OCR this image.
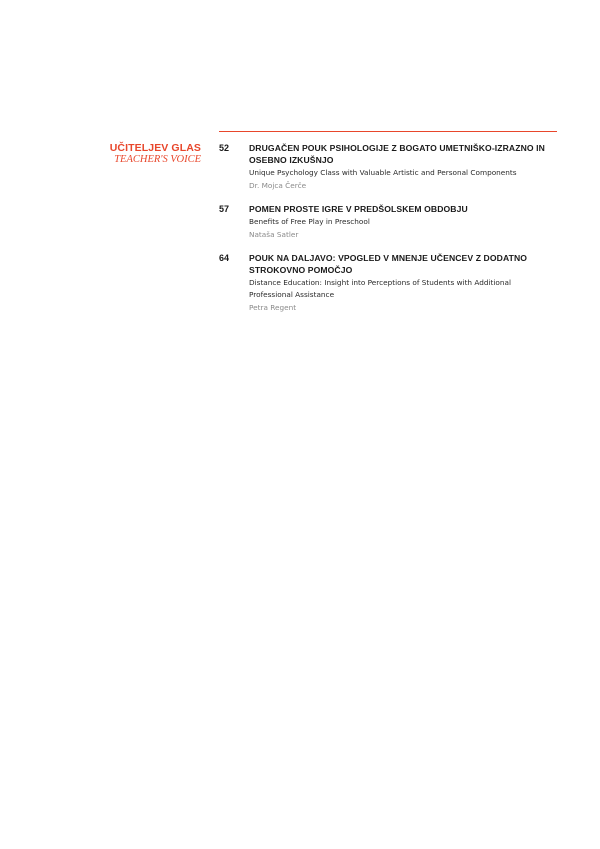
UČITELJEV GLAS
TEACHER'S VOICE
52	DRUGAČEN POUK PSIHOLOGIJE Z BOGATO UMETNIŠKO-IZRAZNO IN OSEBNO IZKUŠNJO
Unique Psychology Class with Valuable Artistic and Personal Components
Dr. Mojca Čerče
57	POMEN PROSTE IGRE V PREDŠOLSKEM OBDOBJU
Benefits of Free Play in Preschool
Nataša Satler
64	POUK NA DALJAVO: VPOGLED V MNENJE UČENCEV Z DODATNO STROKOVNO POMOČJO
Distance Education: Insight into Perceptions of Students with Additional Professional Assistance
Petra Regent
